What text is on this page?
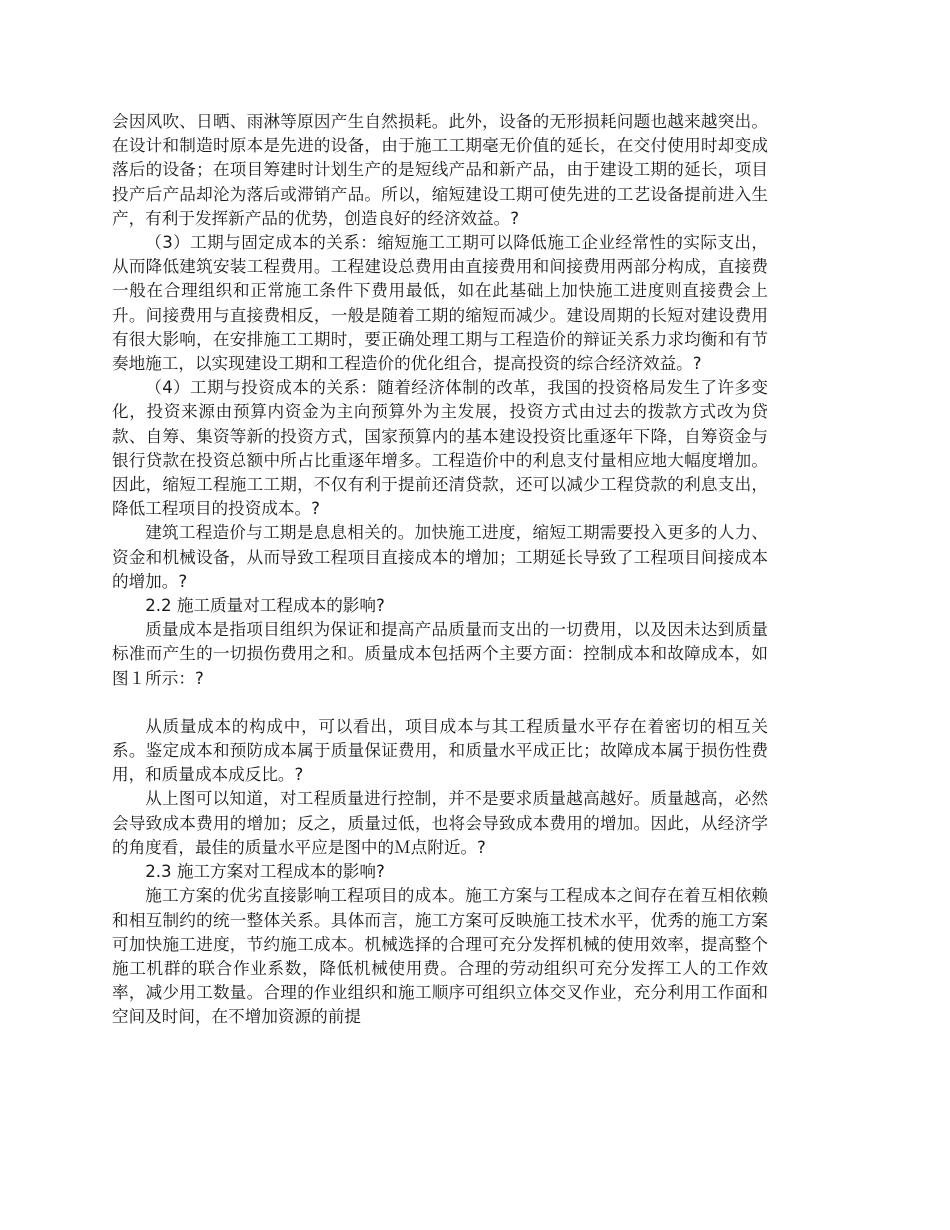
会因风吹、日晒、雨淋等原因产生自然损耗。此外，设备的无形损耗问题也越来越突出。在设计和制造时原本是先进的设备，由于施工工期毫无价值的延长，在交付使用时却变成落后的设备；在项目筹建时计划生产的是短线产品和新产品，由于建设工期的延长，项目投产后产品却沦为落后或滞销产品。所以，缩短建设工期可使先进的工艺设备提前进入生产，有利于发挥新产品的优势，创造良好的经济效益。?

（3）工期与固定成本的关系：缩短施工工期可以降低施工企业经常性的实际支出，从而降低建筑安装工程费用。工程建设总费用由直接费用和间接费用两部分构成，直接费一般在合理组织和正常施工条件下费用最低，如在此基础上加快施工进度则直接费会上升。间接费用与直接费相反，一般是随着工期的缩短而减少。建设周期的长短对建设费用有很大影响，在安排施工工期时，要正确处理工期与工程造价的辩证关系力求均衡和有节奏地施工，以实现建设工期和工程造价的优化组合，提高投资的综合经济效益。?

（4）工期与投资成本的关系：随着经济体制的改革，我国的投资格局发生了许多变化，投资来源由预算内资金为主向预算外为主发展，投资方式由过去的拨款方式改为贷款、自筹、集资等新的投资方式，国家预算内的基本建设投资比重逐年下降，自筹资金与银行贷款在投资总额中所占比重逐年增多。工程造价中的利息支付量相应地大幅度增加。因此，缩短工程施工工期，不仅有利于提前还清贷款，还可以减少工程贷款的利息支出，降低工程项目的投资成本。?

建筑工程造价与工期是息息相关的。加快施工进度，缩短工期需要投入更多的人力、资金和机械设备，从而导致工程项目直接成本的增加；工期延长导致了工程项目间接成本的增加。?

2.2 施工质量对工程成本的影响?

质量成本是指项目组织为保证和提高产品质量而支出的一切费用，以及因未达到质量标准而产生的一切损伤费用之和。质量成本包括两个主要方面：控制成本和故障成本，如图１所示：?

从质量成本的构成中，可以看出，项目成本与其工程质量水平存在着密切的相互关系。鉴定成本和预防成本属于质量保证费用，和质量水平成正比；故障成本属于损伤性费用，和质量成本成反比。?

从上图可以知道，对工程质量进行控制，并不是要求质量越高越好。质量越高，必然会导致成本费用的增加；反之，质量过低，也将会导致成本费用的增加。因此，从经济学的角度看，最佳的质量水平应是图中的Ｍ点附近。?

2.3 施工方案对工程成本的影响?

施工方案的优劣直接影响工程项目的成本。施工方案与工程成本之间存在着互相依赖和相互制约的统一整体关系。具体而言，施工方案可反映施工技术水平，优秀的施工方案可加快施工进度，节约施工成本。机械选择的合理可充分发挥机械的使用效率，提高整个施工机群的联合作业系数，降低机械使用费。合理的劳动组织可充分发挥工人的工作效率，减少用工数量。合理的作业组织和施工顺序可组织立体交叉作业，充分利用工作面和空间及时间，在不增加资源的前提
